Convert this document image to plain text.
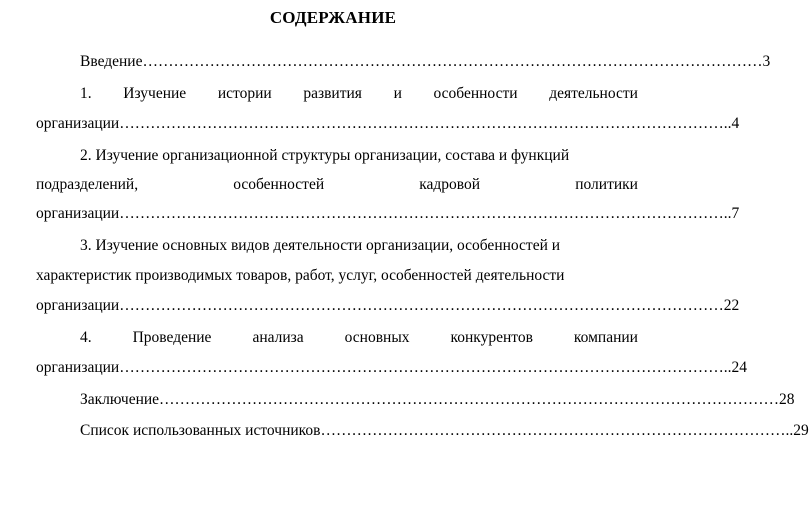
СОДЕРЖАНИЕ
Введение ………………………………………………………………………………………………………… 3
1. Изучение истории развития и особенности деятельности
организации ……………………………………………………………………………………………………… ..4
2. Изучение организационной структуры организации, состава и функций
подразделений,	особенностей	кадровой	политики
организации ……………………………………………………………………………………………………… ..7
3. Изучение основных видов деятельности организации, особенностей и
характеристик производимых товаров, работ, услуг, особенностей деятельности
организации ……………………………………………………………………………………………………… 22
4.	Проведение	анализа	основных	конкурентов	компании
организации ……………………………………………………………………………………………………… ..24
Заключение ………………………………………………………………………………………………………… 28
Список использованных источников ……………………………………………………………………………… ..29
